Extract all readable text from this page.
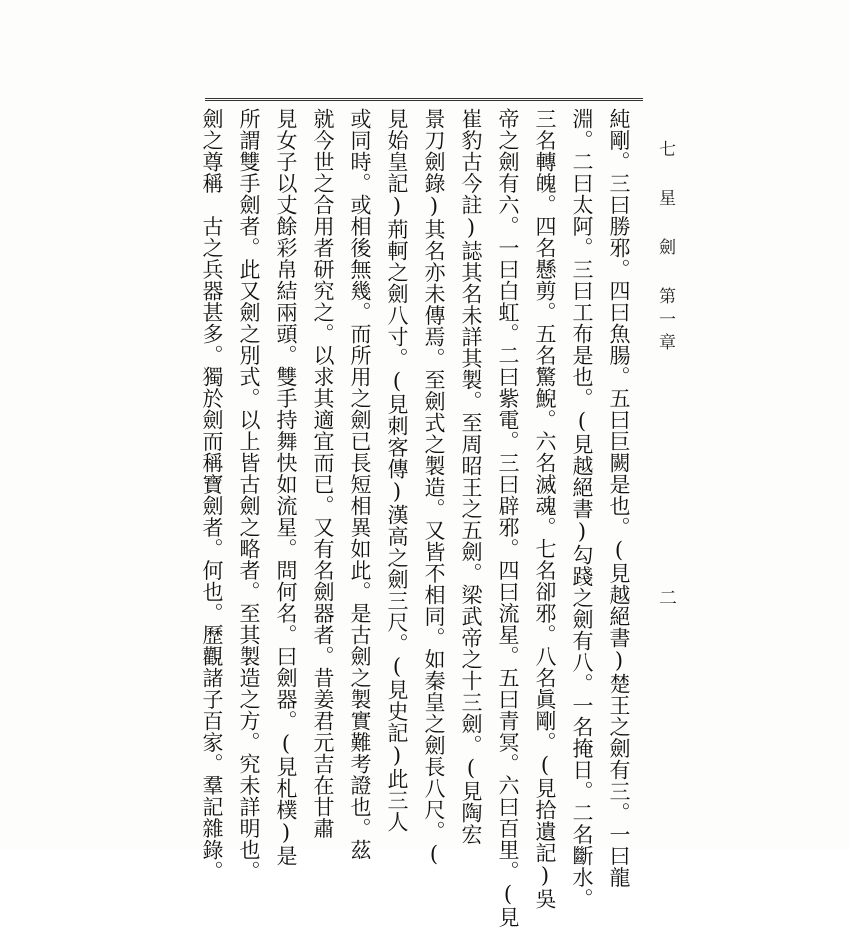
七 星 劍 第一章
二
純剛。三曰勝邪。四曰魚腸。五曰巨闕是也。(見越絕書)楚王之劍有三。一曰龍
淵。二曰太阿。三曰工布是也。(見越絕書)勾踐之劍有八。一名掩日。二名斷水。
三名轉魄。四名懸剪。五名驚鯢。六名滅魂。七名卻邪。八名眞剛。(見拾遺記)吳
帝之劍有六。一曰白虹。二曰紫電。三曰辟邪。四曰流星。五曰青冥。六曰百里。(見
崔豹古今註)誌其名未詳其製。至周昭王之五劍。梁武帝之十三劍。(見陶宏
景刀劍錄)其名亦未傳焉。至劍式之製造。又皆不相同。如秦皇之劍長八尺。(
見始皇記)荊軻之劍八寸。(見刺客傳)漢高之劍三尺。(見史記)此三人
或同時。或相後無幾。而所用之劍已長短相異如此。是古劍之製實難考證也。茲
就今世之合用者研究之。以求其適宜而已。又有名劍器者。昔姜君元吉在甘肅
見女子以丈餘彩帛結兩頭。雙手持舞快如流星。問何名。曰劍器。(見札樸)是
所謂雙手劍者。此又劍之別式。以上皆古劍之略者。至其製造之方。究未詳明也。
劍之尊稱　古之兵器甚多。獨於劍而稱寶劍者。何也。歷觀諸子百家。羣記雜錄。
